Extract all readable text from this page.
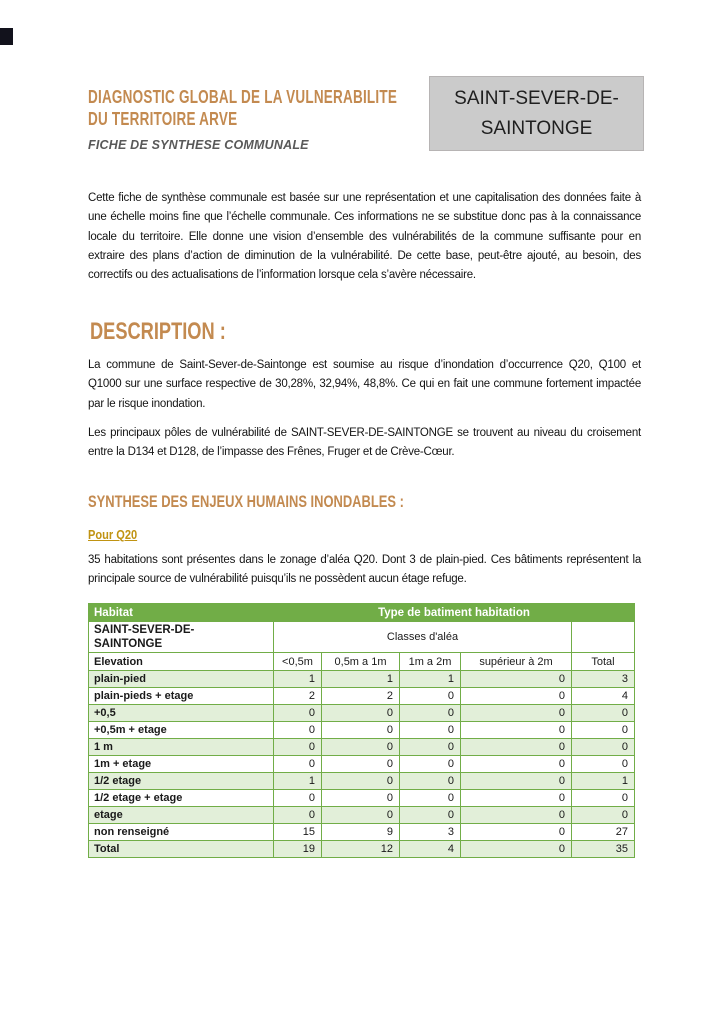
DIAGNOSTIC GLOBAL DE LA VULNERABILITE
DU TERRITOIRE ARVE
FICHE DE SYNTHESE COMMUNALE
SAINT-SEVER-DE-
SAINTONGE

Cette fiche de synthèse communale est basée sur une représentation et une capitalisation des données faite à une échelle moins fine que l’échelle communale. Ces informations ne se substitue donc pas à la connaissance locale du territoire. Elle donne une vision d’ensemble des vulnérabilités de la commune suffisante pour en extraire des plans d’action de diminution de la vulnérabilité. De cette base, peut-être ajouté, au besoin, des correctifs ou des actualisations de l’information lorsque cela s’avère nécessaire.

DESCRIPTION :

La commune de Saint-Sever-de-Saintonge est soumise au risque d’inondation d’occurrence Q20, Q100 et Q1000 sur une surface respective de 30,28%, 32,94%, 48,8%. Ce qui en fait une commune fortement impactée par le risque inondation.

Les principaux pôles de vulnérabilité de SAINT-SEVER-DE-SAINTONGE se trouvent au niveau du croisement entre la D134 et D128, de l’impasse des Frênes, Fruger et de Crève-Cœur.

SYNTHESE DES ENJEUX HUMAINS INONDABLES :
Pour Q20

35 habitations sont présentes dans le zonage d’aléa Q20. Dont 3 de plain-pied. Ces bâtiments représentent la principale source de vulnérabilité puisqu’ils ne possèdent aucun étage refuge.

Habitat	Type de batiment habitation				

SAINT-SEVER-DE-
SAINTONGE	Classes d'aléa				
Elevation	<0,5m	0,5m a 1m	1m a 2m	supérieur à 2m	Total
plain-pied	1	1	1	0	3
plain-pieds + etage	2	2	0	0	4
+0,5	0	0	0	0	0
+0,5m + etage	0	0	0	0	0
1 m	0	0	0	0	0
1m + etage	0	0	0	0	0
1/2 etage	1	0	0	0	1
1/2 etage + etage	0	0	0	0	0
etage	0	0	0	0	0
non renseigné	15	9	3	0	27
Total	19	12	4	0	35
